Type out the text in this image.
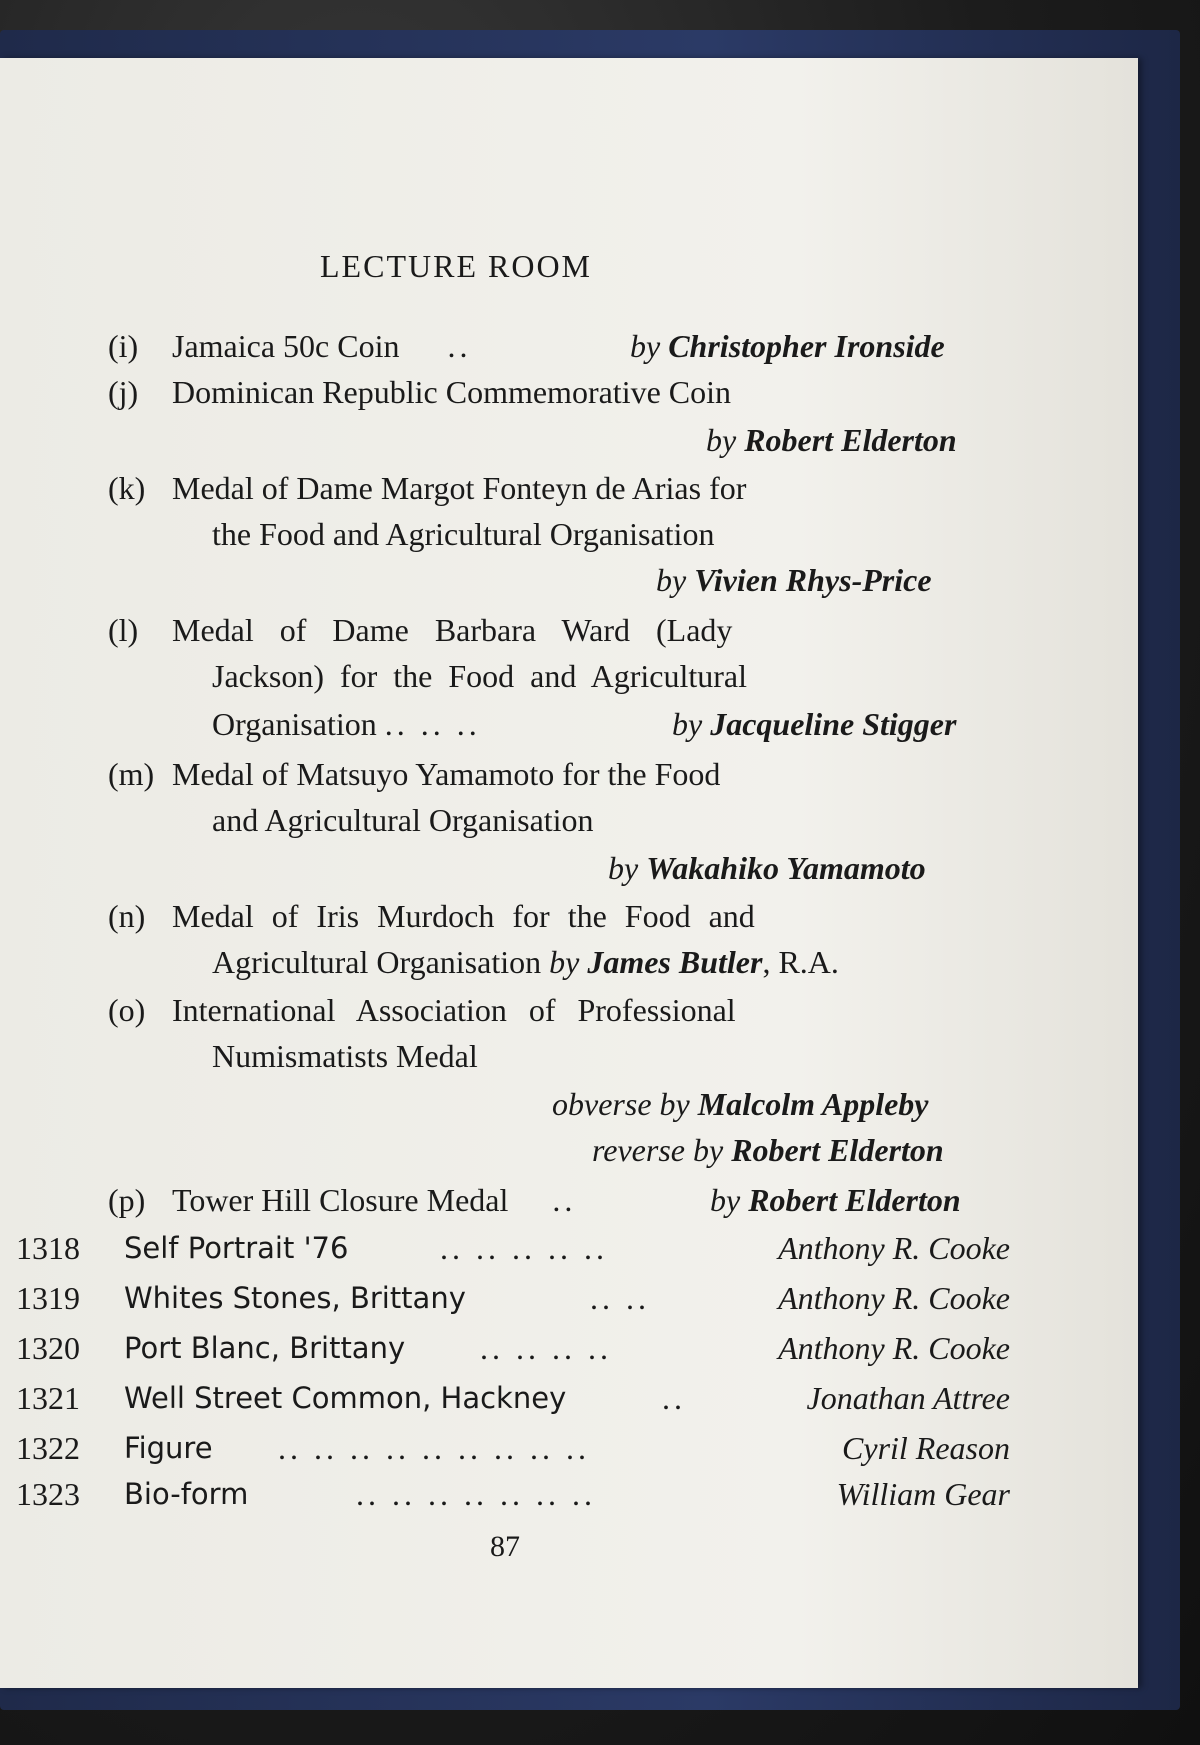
LECTURE ROOM
(i) Jamaica 50c Coin ..	by Christopher Ironside
(j) Dominican Republic Commemorative Coin
by Robert Elderton
(k) Medal of Dame Margot Fonteyn de Arias for
the Food and Agricultural Organisation
by Vivien Rhys-Price
(l) Medal of Dame Barbara Ward (Lady
Jackson) for the Food and Agricultural
Organisation .. .. ..	by Jacqueline Stigger
(m) Medal of Matsuyo Yamamoto for the Food
and Agricultural Organisation
by Wakahiko Yamamoto
(n) Medal of Iris Murdoch for the Food and
Agricultural Organisation by James Butler, R.A.
(o) International Association of Professional
Numismatists Medal
obverse by Malcolm Appleby
reverse by Robert Elderton
(p) Tower Hill Closure Medal ..	by Robert Elderton
1318	Self Portrait '76	.. .. .. .. ..	Anthony R. Cooke
1319	Whites Stones, Brittany	.. ..	Anthony R. Cooke
1320	Port Blanc, Brittany .. .. .. ..	Anthony R. Cooke
1321	Well Street Common, Hackney	..	Jonathan Attree
1322	Figure .. .. .. .. .. .. .. .. ..	Cyril Reason
1323	Bio-form	.. .. .. .. .. .. ..	William Gear
87
